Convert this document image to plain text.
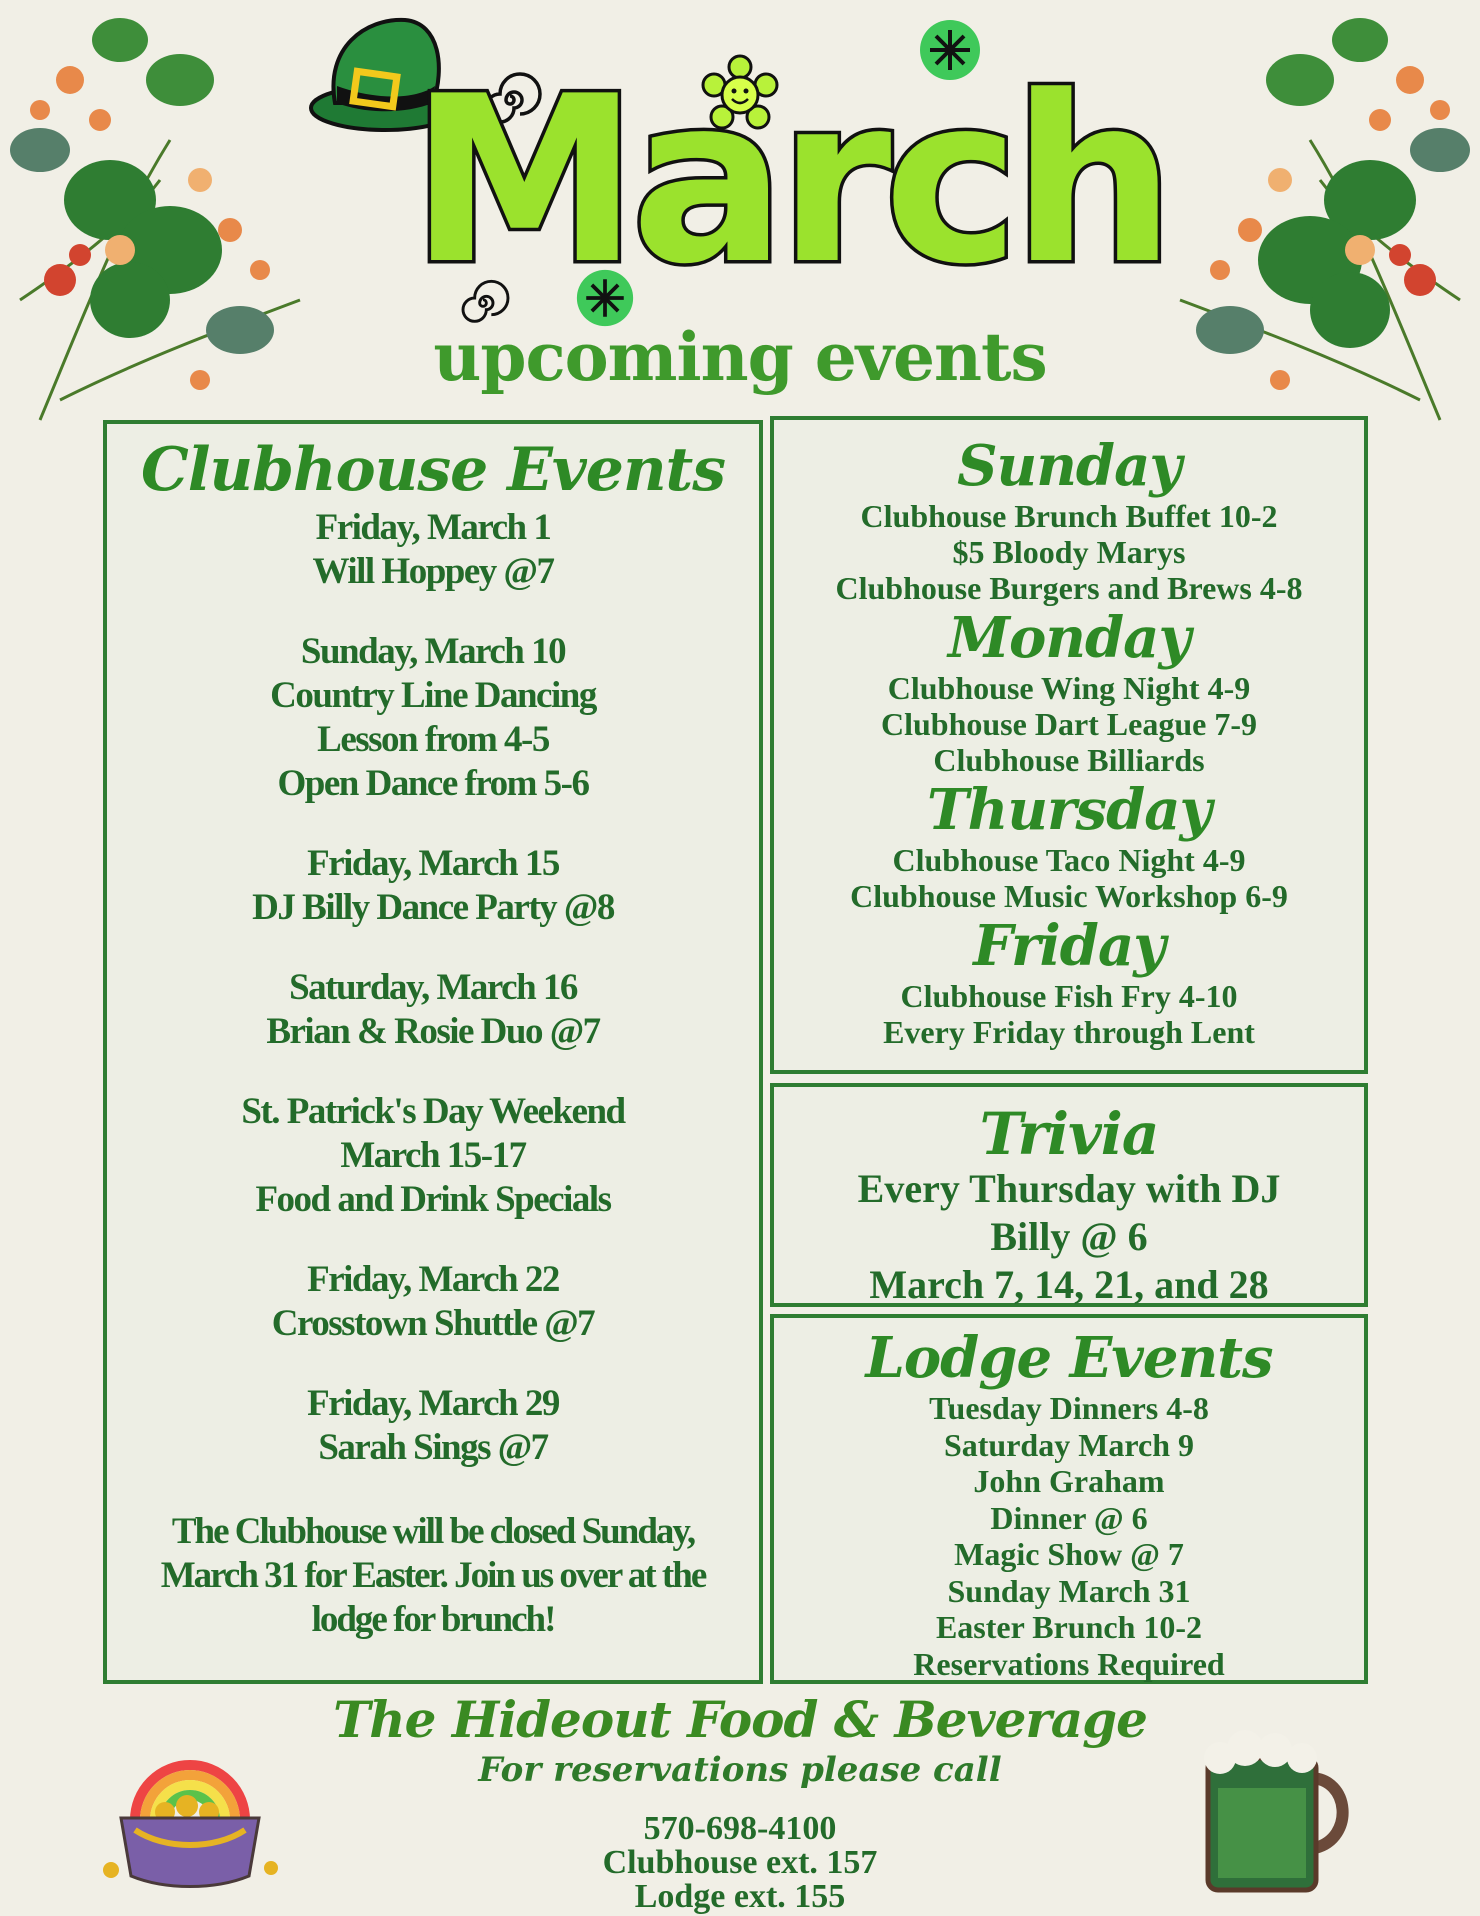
March
upcoming events
Clubhouse Events
Friday, March 1
Will Hoppey @7
Sunday, March 10
Country Line Dancing
Lesson from 4-5
Open Dance from 5-6
Friday, March 15
DJ Billy Dance Party @8
Saturday, March 16
Brian & Rosie Duo @7
St. Patrick's Day Weekend
March 15-17
Food and Drink Specials
Friday, March 22
Crosstown Shuttle @7
Friday, March 29
Sarah Sings @7
The Clubhouse will be closed Sunday,
March 31 for Easter. Join us over at the
lodge for brunch!
Sunday
Clubhouse Brunch Buffet 10-2
$5 Bloody Marys
Clubhouse Burgers and Brews 4-8
Monday
Clubhouse Wing Night 4-9
Clubhouse Dart League 7-9
Clubhouse Billiards
Thursday
Clubhouse Taco Night 4-9
Clubhouse Music Workshop 6-9
Friday
Clubhouse Fish Fry 4-10
Every Friday through Lent
Trivia
Every Thursday with DJ
Billy @ 6
March 7, 14, 21, and 28
Lodge Events
Tuesday Dinners 4-8
Saturday March 9
John Graham
Dinner @ 6
Magic Show @ 7
Sunday March 31
Easter Brunch 10-2
Reservations Required
The Hideout Food & Beverage
For reservations please call
570-698-4100
Clubhouse ext. 157
Lodge ext. 155
